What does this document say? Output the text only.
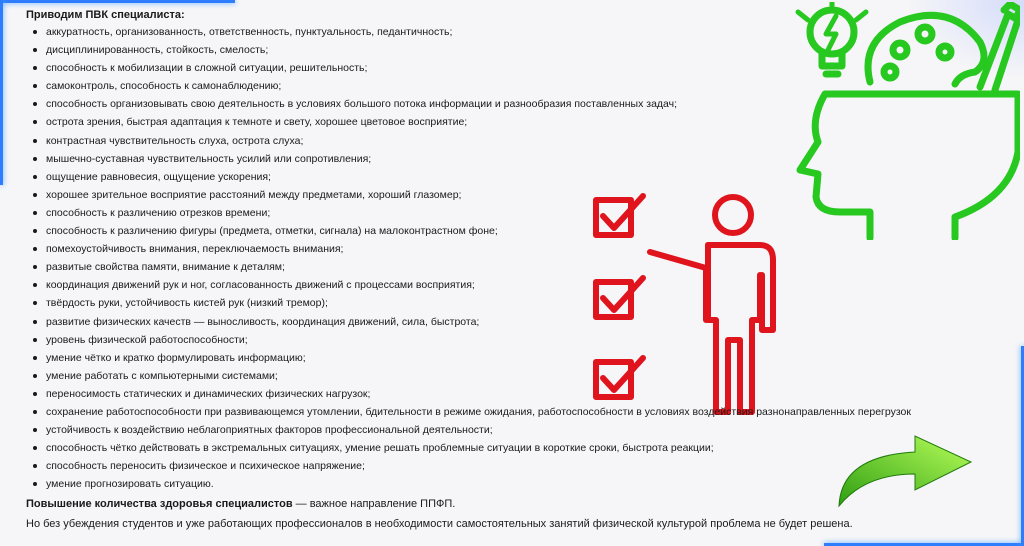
Приводим ПВК специалиста:
аккуратность, организованность, ответственность, пунктуальность, педантичность;
дисциплинированность, стойкость, смелость;
способность к мобилизации в сложной ситуации, решительность;
самоконтроль, способность к самонаблюдению;
способность организовывать свою деятельность в условиях большого потока информации и разнообразия поставленных задач;
острота зрения, быстрая адаптация к темноте и свету, хорошее цветовое восприятие;
контрастная чувствительность слуха, острота слуха;
мышечно-суставная чувствительность усилий или сопротивления;
ощущение равновесия, ощущение ускорения;
хорошее зрительное восприятие расстояний между предметами, хороший глазомер;
способность к различению отрезков времени;
способность к различению фигуры (предмета, отметки, сигнала) на малоконтрастном фоне;
помехоустойчивость внимания, переключаемость внимания;
развитые свойства памяти, внимание к деталям;
координация движений рук и ног, согласованность движений с процессами восприятия;
твёрдость руки, устойчивость кистей рук (низкий тремор);
развитие физических качеств — выносливость, координация движений, сила, быстрота;
уровень физической работоспособности;
умение чётко и кратко формулировать информацию;
умение работать с компьютерными системами;
переносимость статических и динамических физических нагрузок;
сохранение работоспособности при развивающемся утомлении, бдительности в режиме ожидания, работоспособности в условиях воздействия разнонаправленных перегрузок
устойчивость к воздействию неблагоприятных факторов профессиональной деятельности;
способность чётко действовать в экстремальных ситуациях, умение решать проблемные ситуации в короткие сроки, быстрота реакции;
способность переносить физическое и психическое напряжение;
умение прогнозировать ситуацию.
Повышение количества здоровья специалистов — важное направление ППФП.
Но без убеждения студентов и уже работающих профессионалов в необходимости самостоятельных занятий физической культурой проблема не будет решена.
